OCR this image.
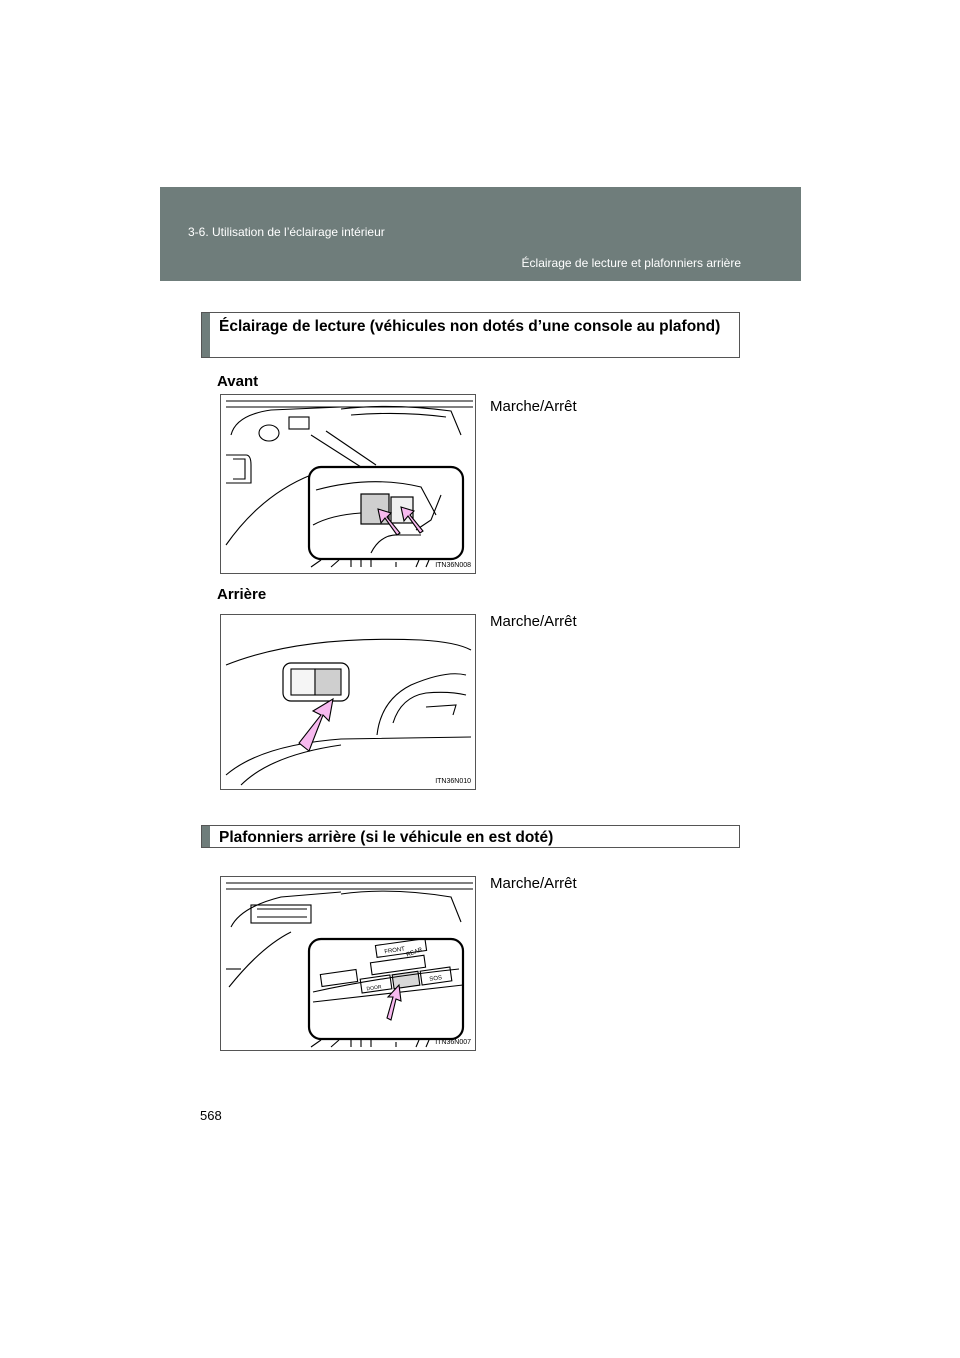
3-6. Utilisation de l’éclairage intérieur
Éclairage de lecture et plafonniers arrière
Éclairage de lecture (véhicules non dotés d’une console au plafond)
Avant
ITN36N008
Marche/Arrêt
Arrière
ITN36N010
Marche/Arrêt
Plafonniers arrière (si le véhicule en est doté)
FRONT REAR
DOOR
SOS
ITN36N007
Marche/Arrêt
568
